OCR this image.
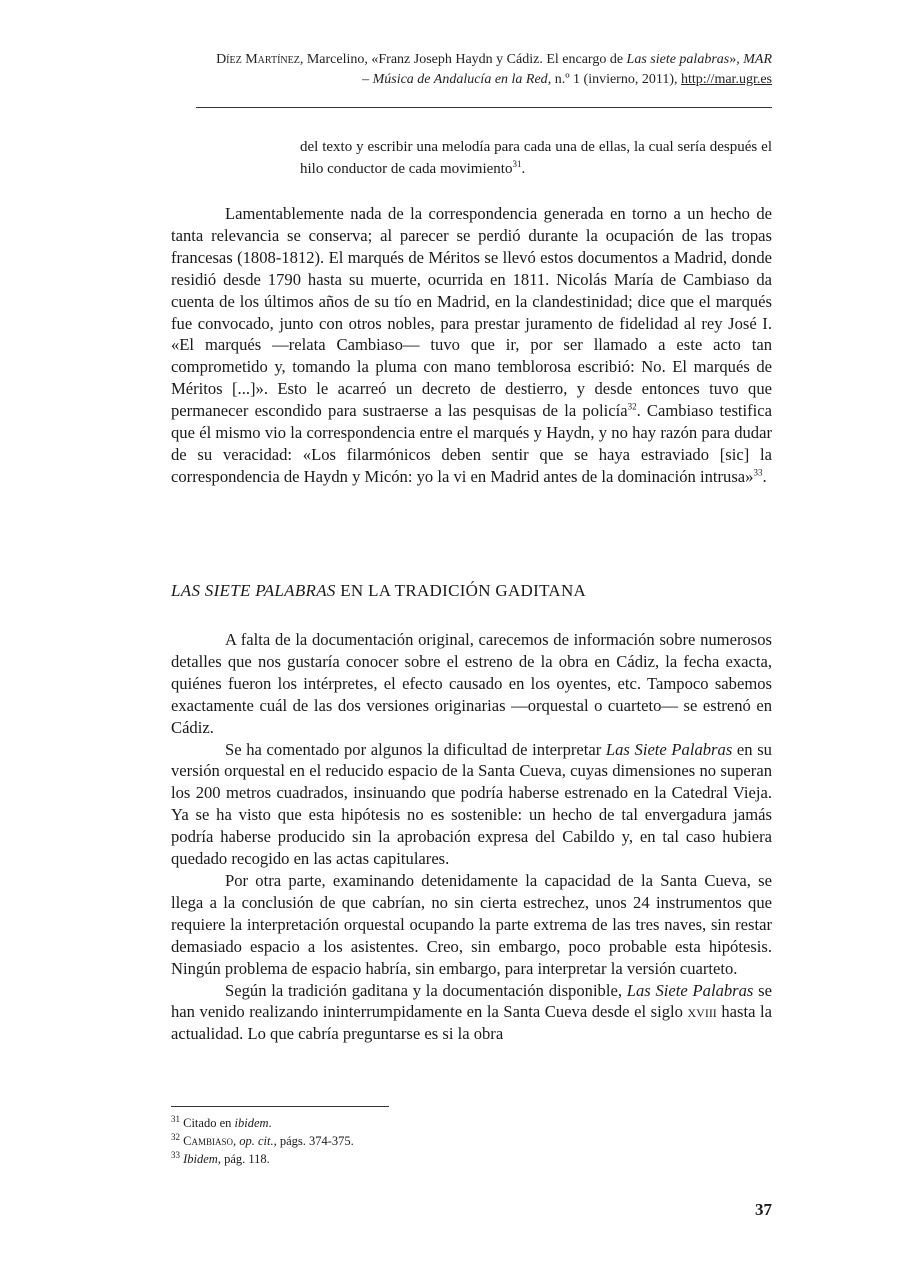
Díez Martínez, Marcelino, «Franz Joseph Haydn y Cádiz. El encargo de Las siete palabras», MAR
– Música de Andalucía en la Red, n.º 1 (invierno, 2011), http://mar.ugr.es
del texto y escribir una melodía para cada una de ellas, la cual sería después el hilo conductor de cada movimiento$^{31}$.

Lamentablemente nada de la correspondencia generada en torno a un hecho de tanta relevancia se conserva; al parecer se perdió durante la ocupación de las tropas francesas (1808-1812). El marqués de Méritos se llevó estos documentos a Madrid, donde residió desde 1790 hasta su muerte, ocurrida en 1811. Nicolás María de Cambiaso da cuenta de los últimos años de su tío en Madrid, en la clandestinidad; dice que el marqués fue convocado, junto con otros nobles, para prestar juramento de fidelidad al rey José I. «El marqués —relata Cambiaso— tuvo que ir, por ser llamado a este acto tan comprometido y, tomando la pluma con mano temblorosa escribió: No. El marqués de Méritos [...]». Esto le acarreó un decreto de destierro, y desde entonces tuvo que permanecer escondido para sustraerse a las pesquisas de la policía$^{32}$. Cambiaso testifica que él mismo vio la correspondencia entre el marqués y Haydn, y no hay razón para dudar de su veracidad: «Los filarmónicos deben sentir que se haya estraviado [sic] la correspondencia de Haydn y Micón: yo la vi en Madrid antes de la dominación intrusa»$^{33}$.

LAS SIETE PALABRAS EN LA TRADICIÓN GADITANA

A falta de la documentación original, carecemos de información sobre numerosos detalles que nos gustaría conocer sobre el estreno de la obra en Cádiz, la fecha exacta, quiénes fueron los intérpretes, el efecto causado en los oyentes, etc. Tampoco sabemos exactamente cuál de las dos versiones originarias —orquestal o cuarteto— se estrenó en Cádiz.

Se ha comentado por algunos la dificultad de interpretar Las Siete Palabras en su versión orquestal en el reducido espacio de la Santa Cueva, cuyas dimensiones no superan los 200 metros cuadrados, insinuando que podría haberse estrenado en la Catedral Vieja. Ya se ha visto que esta hipótesis no es sostenible: un hecho de tal envergadura jamás podría haberse producido sin la aprobación expresa del Cabildo y, en tal caso hubiera quedado recogido en las actas capitulares.

Por otra parte, examinando detenidamente la capacidad de la Santa Cueva, se llega a la conclusión de que cabrían, no sin cierta estrechez, unos 24 instrumentos que requiere la interpretación orquestal ocupando la parte extrema de las tres naves, sin restar demasiado espacio a los asistentes. Creo, sin embargo, poco probable esta hipótesis. Ningún problema de espacio habría, sin embargo, para interpretar la versión cuarteto.

Según la tradición gaditana y la documentación disponible, Las Siete Palabras se han venido realizando ininterrumpidamente en la Santa Cueva desde el siglo xviii hasta la actualidad. Lo que cabría preguntarse es si la obra

$^{31}$ Citado en ibidem.
$^{32}$ Cambiaso, op. cit., págs. 374-375.
$^{33}$ Ibidem, pág. 118.
37
